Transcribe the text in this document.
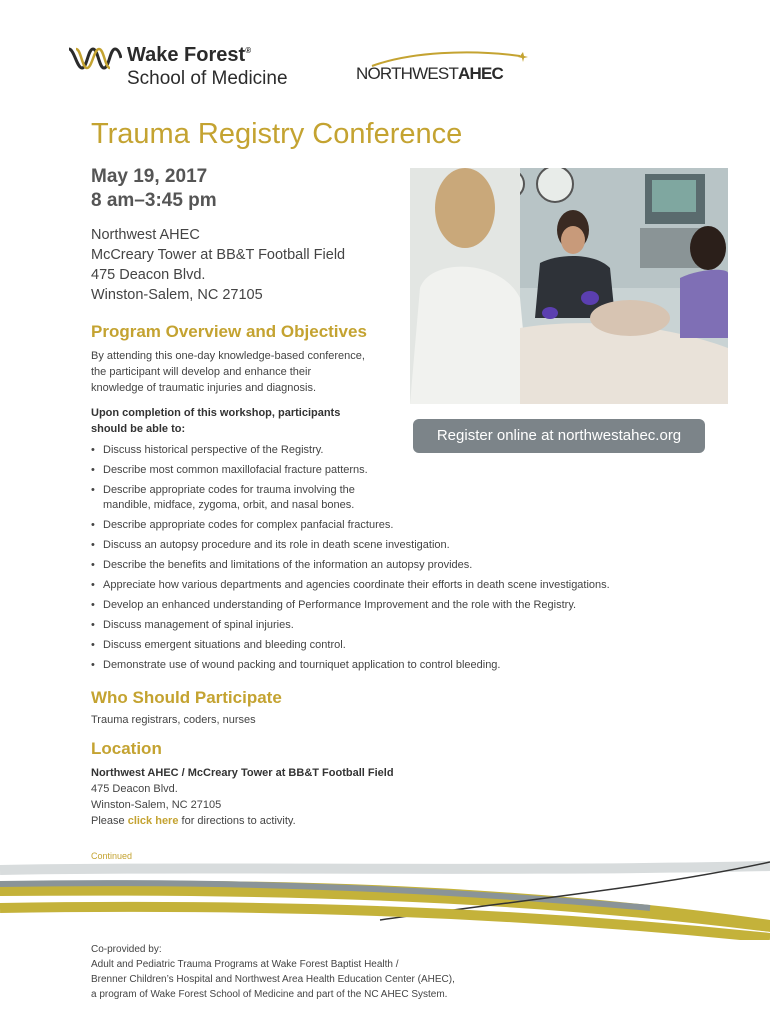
Wake Forest®
School of Medicine	NORTHWESTAHEC
Trauma Registry Conference
May 19, 2017
8 am–3:45 pm
Northwest AHEC
McCreary Tower at BB&T Football Field
475 Deacon Blvd.
Winston-Salem, NC 27105
Register online at northwestahec.org
Program Overview and Objectives
By attending this one-day knowledge-based conference,
the participant will develop and enhance their
knowledge of traumatic injuries and diagnosis.
Upon completion of this workshop, participants
should be able to:
• Discuss historical perspective of the Registry.
• Describe most common maxillofacial fracture patterns.
• Describe appropriate codes for trauma involving the
mandible, midface, zygoma, orbit, and nasal bones.
• Describe appropriate codes for complex panfacial fractures.
• Discuss an autopsy procedure and its role in death scene investigation.
• Describe the benefits and limitations of the information an autopsy provides.
• Appreciate how various departments and agencies coordinate their efforts in death scene investigations.
• Develop an enhanced understanding of Performance Improvement and the role with the Registry.
• Discuss management of spinal injuries.
• Discuss emergent situations and bleeding control.
• Demonstrate use of wound packing and tourniquet application to control bleeding.
Who Should Participate
Trauma registrars, coders, nurses
Location
Northwest AHEC / McCreary Tower at BB&T Football Field
475 Deacon Blvd.
Winston-Salem, NC 27105
Please click here for directions to activity.
Continued
Co-provided by:
Adult and Pediatric Trauma Programs at Wake Forest Baptist Health /
Brenner Children’s Hospital and Northwest Area Health Education Center (AHEC),
a program of Wake Forest School of Medicine and part of the NC AHEC System.
